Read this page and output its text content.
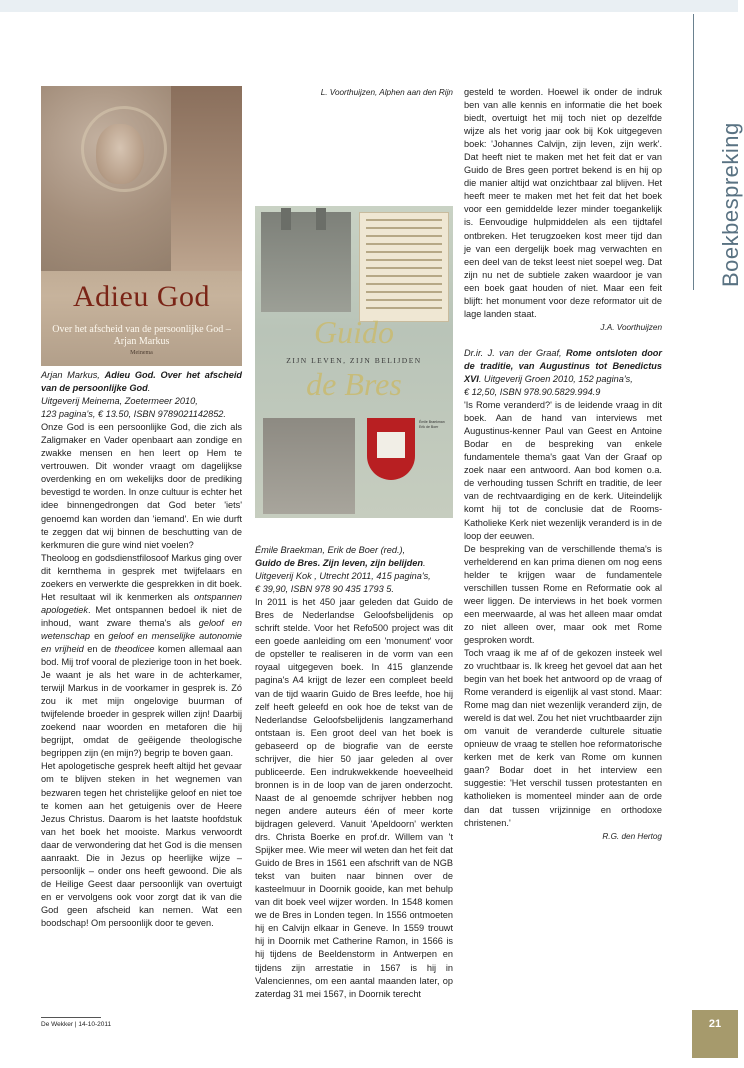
Adieu God
Over het afscheid van de persoonlijke God – Arjan Markus
Meinema
Guido
ZIJN LEVEN, ZIJN BELIJDEN
de Bres
Émile Braekman Erik de Boer

Arjan Markus, Adieu God. Over het afscheid van de persoonlijke God.
Uitgeverij Meinema, Zoetermeer 2010,
123 pagina's, € 13.50, ISBN 9789021142852.

Onze God is een persoonlijke God, die zich als Zaligmaker en Vader openbaart aan zondige en zwakke mensen en hen leert op Hem te vertrouwen. Dit wonder vraagt om dagelijkse overdenking en om wekelijks door de prediking bevestigd te worden. In onze cultuur is echter het idee binnengedrongen dat God beter 'iets' genoemd kan worden dan 'iemand'. En wie durft te zeggen dat wij binnen de beschutting van de kerkmuren die gure wind niet voelen?

Theoloog en godsdienstfilosoof Markus ging over dit kernthema in gesprek met twijfelaars en zoekers en verwerkte die gesprekken in dit boek. Het resultaat wil ik kenmerken als ontspannen apologetiek. Met ontspannen bedoel ik niet de inhoud, want zware thema's als geloof en wetenschap en geloof en menselijke autonomie en vrijheid en de theodicee komen allemaal aan bod. Mij trof vooral de plezierige toon in het boek. Je waant je als het ware in de achterkamer, terwijl Markus in de voorkamer in gesprek is. Zó zou ik met mijn ongelovige buurman of twijfelende broeder in gesprek willen zijn! Daarbij zoekend naar woorden en metaforen die hij begrijpt, omdat de geëigende theologische begrippen zijn (en mijn?) begrip te boven gaan.

Het apologetische gesprek heeft altijd het gevaar om te blijven steken in het wegnemen van bezwaren tegen het christelijke geloof en niet toe te komen aan het getuigenis over de Heere Jezus Christus. Daarom is het laatste hoofdstuk van het boek het mooiste. Markus verwoordt daar de verwondering dat het God is die mensen aanraakt. Die in Jezus op heerlijke wijze – persoonlijk – onder ons heeft gewoond. Die als de Heilige Geest daar persoonlijk van overtuigt en er vervolgens ook voor zorgt dat ik van die God geen afscheid kan nemen. Wat een boodschap! Om persoonlijk door te geven.

L. Voorthuijzen, Alphen aan den Rijn

Émile Braekman, Erik de Boer (red.),
Guido de Bres. Zijn leven, zijn belijden.
Uitgeverij Kok , Utrecht 2011, 415 pagina's,
€ 39,90, ISBN 978 90 435 1793 5.

In 2011 is het 450 jaar geleden dat Guido de Bres de Nederlandse Geloofsbelijdenis op schrift stelde. Voor het Refo500 project was dit een goede aanleiding om een 'monument' voor de opsteller te realiseren in de vorm van een royaal uitgegeven boek. In 415 glanzende pagina's A4 krijgt de lezer een compleet beeld van de tijd waarin Guido de Bres leefde, hoe hij zelf heeft geleefd en ook hoe de tekst van de Nederlandse Geloofsbelijdenis langzamerhand ontstaan is. Een groot deel van het boek is gebaseerd op de biografie van de eerste schrijver, die hier 50 jaar geleden al over publiceerde. Een indrukwekkende hoeveelheid bronnen is in de loop van de jaren onderzocht. Naast de al genoemde schrijver hebben nog negen andere auteurs één of meer korte bijdragen geleverd. Vanuit 'Apeldoorn' werkten drs. Christa Boerke en prof.dr. Willem van 't Spijker mee. Wie meer wil weten dan het feit dat Guido de Bres in 1561 een afschrift van de NGB tekst van buiten naar binnen over de kasteelmuur in Doornik gooide, kan met behulp van dit boek veel wijzer worden. In 1548 komen we de Bres in Londen tegen. In 1556 ontmoeten hij en Calvijn elkaar in Geneve. In 1559 trouwt hij in Doornik met Catherine Ramon, in 1566 is hij tijdens de Beeldenstorm in Antwerpen en tijdens zijn arrestatie in 1567 is hij in Valenciennes, om een aantal maanden later, op zaterdag 31 mei 1567, in Doornik terecht

gesteld te worden. Hoewel ik onder de indruk ben van alle kennis en informatie die het boek biedt, overtuigt het mij toch niet op dezelfde wijze als het vorig jaar ook bij Kok uitgegeven boek: 'Johannes Calvijn, zijn leven, zijn werk'. Dat heeft niet te maken met het feit dat er van Guido de Bres geen portret bekend is en hij op die manier altijd wat onzichtbaar zal blijven. Het heeft meer te maken met het feit dat het boek voor een gemiddelde lezer minder toegankelijk is. Eenvoudige hulpmiddelen als een tijdtafel ontbreken. Het terugzoeken kost meer tijd dan je van een dergelijk boek mag verwachten en een deel van de tekst leest niet soepel weg. Dat zijn nu net de subtiele zaken waardoor je van een boek gaat houden of niet. Maar een feit blijft: het monument voor deze reformator uit de lage landen staat.

J.A. Voorthuijzen

Dr.ir. J. van der Graaf, Rome ontsloten door de traditie, van Augustinus tot Benedictus XVI. Uitgeverij Groen 2010, 152 pagina's,
€ 12,50, ISBN 978.90.5829.994.9

'Is Rome veranderd?' is de leidende vraag in dit boek. Aan de hand van interviews met Augustinus-kenner Paul van Geest en Antoine Bodar en de bespreking van enkele fundamentele thema's gaat Van der Graaf op zoek naar een antwoord. Aan bod komen o.a. de verhouding tussen Schrift en traditie, de leer van de rechtvaardiging en de kerk. Uiteindelijk komt hij tot de conclusie dat de Rooms-Katholieke Kerk niet wezenlijk veranderd is in de loop der eeuwen.

De bespreking van de verschillende thema's is verhelderend en kan prima dienen om nog eens helder te krijgen waar de fundamentele verschillen tussen Rome en Reformatie ook al weer liggen. De interviews in het boek vormen een meerwaarde, al was het alleen maar omdat zo niet alleen over, maar ook met Rome gesproken wordt.

Toch vraag ik me af of de gekozen insteek wel zo vruchtbaar is. Ik kreeg het gevoel dat aan het begin van het boek het antwoord op de vraag of Rome veranderd is eigenlijk al vast stond. Maar: Rome mag dan niet wezenlijk veranderd zijn, de wereld is dat wel. Zou het niet vruchtbaarder zijn om vanuit de veranderde culturele situatie opnieuw de vraag te stellen hoe reformatorische kerken met de kerk van Rome om kunnen gaan? Bodar doet in het interview een suggestie: 'Het verschil tussen protestanten en katholieken is momenteel minder aan de orde dan dat tussen vrijzinnige en orthodoxe christenen.'

R.G. den Hertog

Boekbespreking
De Wekker | 14-10-2011	21
